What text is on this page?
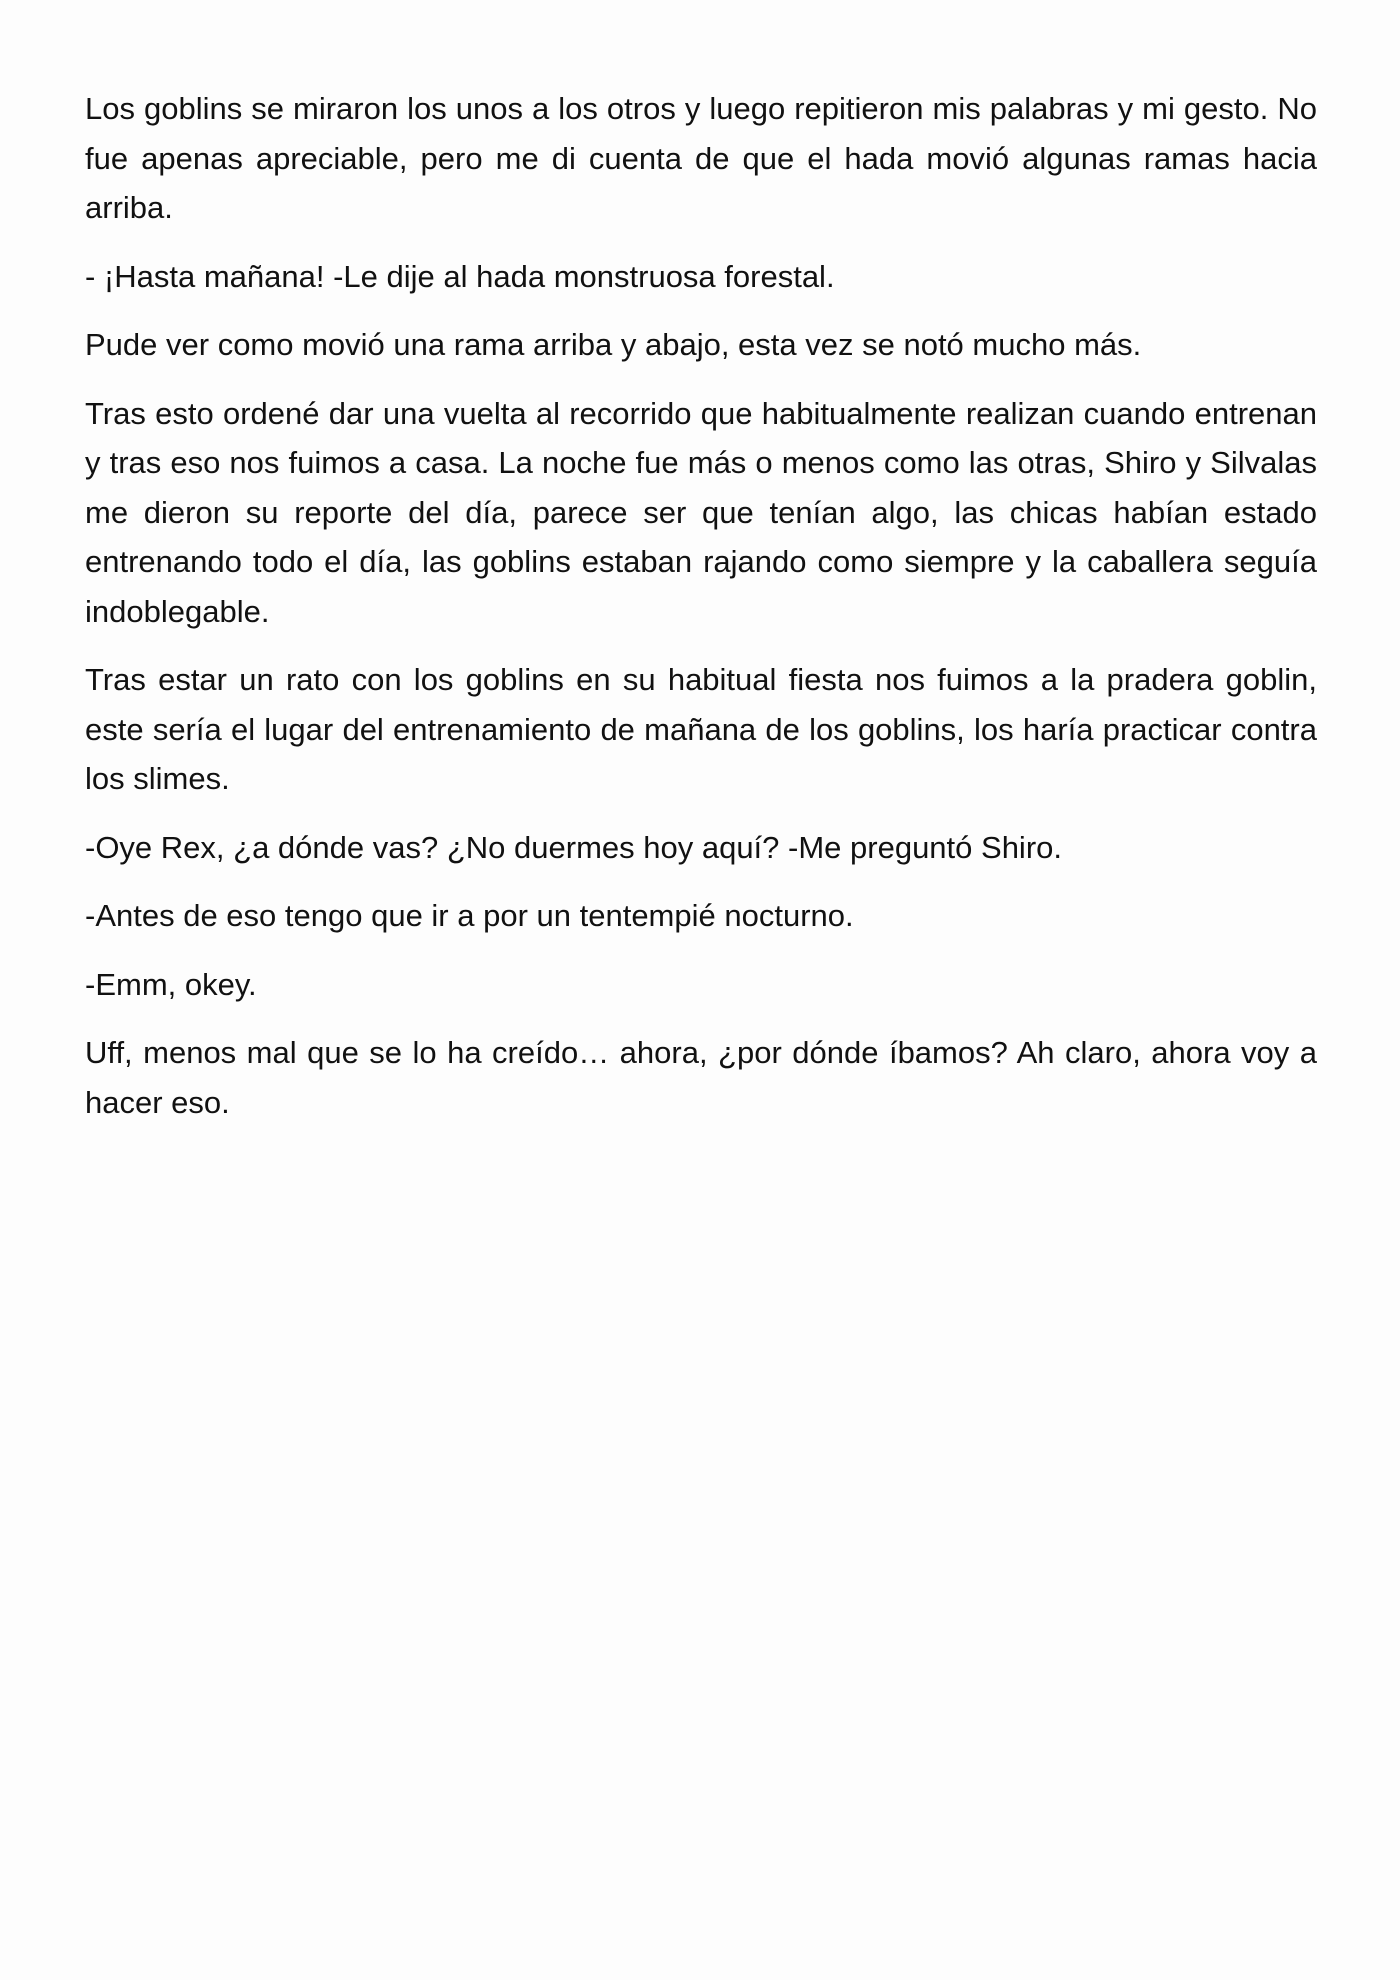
Los goblins se miraron los unos a los otros y luego repitieron mis palabras y mi gesto. No fue apenas apreciable, pero me di cuenta de que el hada movió algunas ramas hacia arriba.

- ¡Hasta mañana! -Le dije al hada monstruosa forestal.

Pude ver como movió una rama arriba y abajo, esta vez se notó mucho más.

Tras esto ordené dar una vuelta al recorrido que habitualmente realizan cuando entrenan y tras eso nos fuimos a casa. La noche fue más o menos como las otras, Shiro y Silvalas me dieron su reporte del día, parece ser que tenían algo, las chicas habían estado entrenando todo el día, las goblins estaban rajando como siempre y la caballera seguía indoblegable.

Tras estar un rato con los goblins en su habitual fiesta nos fuimos a la pradera goblin, este sería el lugar del entrenamiento de mañana de los goblins, los haría practicar contra los slimes.

-Oye Rex, ¿a dónde vas? ¿No duermes hoy aquí? -Me preguntó Shiro.

-Antes de eso tengo que ir a por un tentempié nocturno.

-Emm, okey.

Uff, menos mal que se lo ha creído… ahora, ¿por dónde íbamos? Ah claro, ahora voy a hacer eso.
